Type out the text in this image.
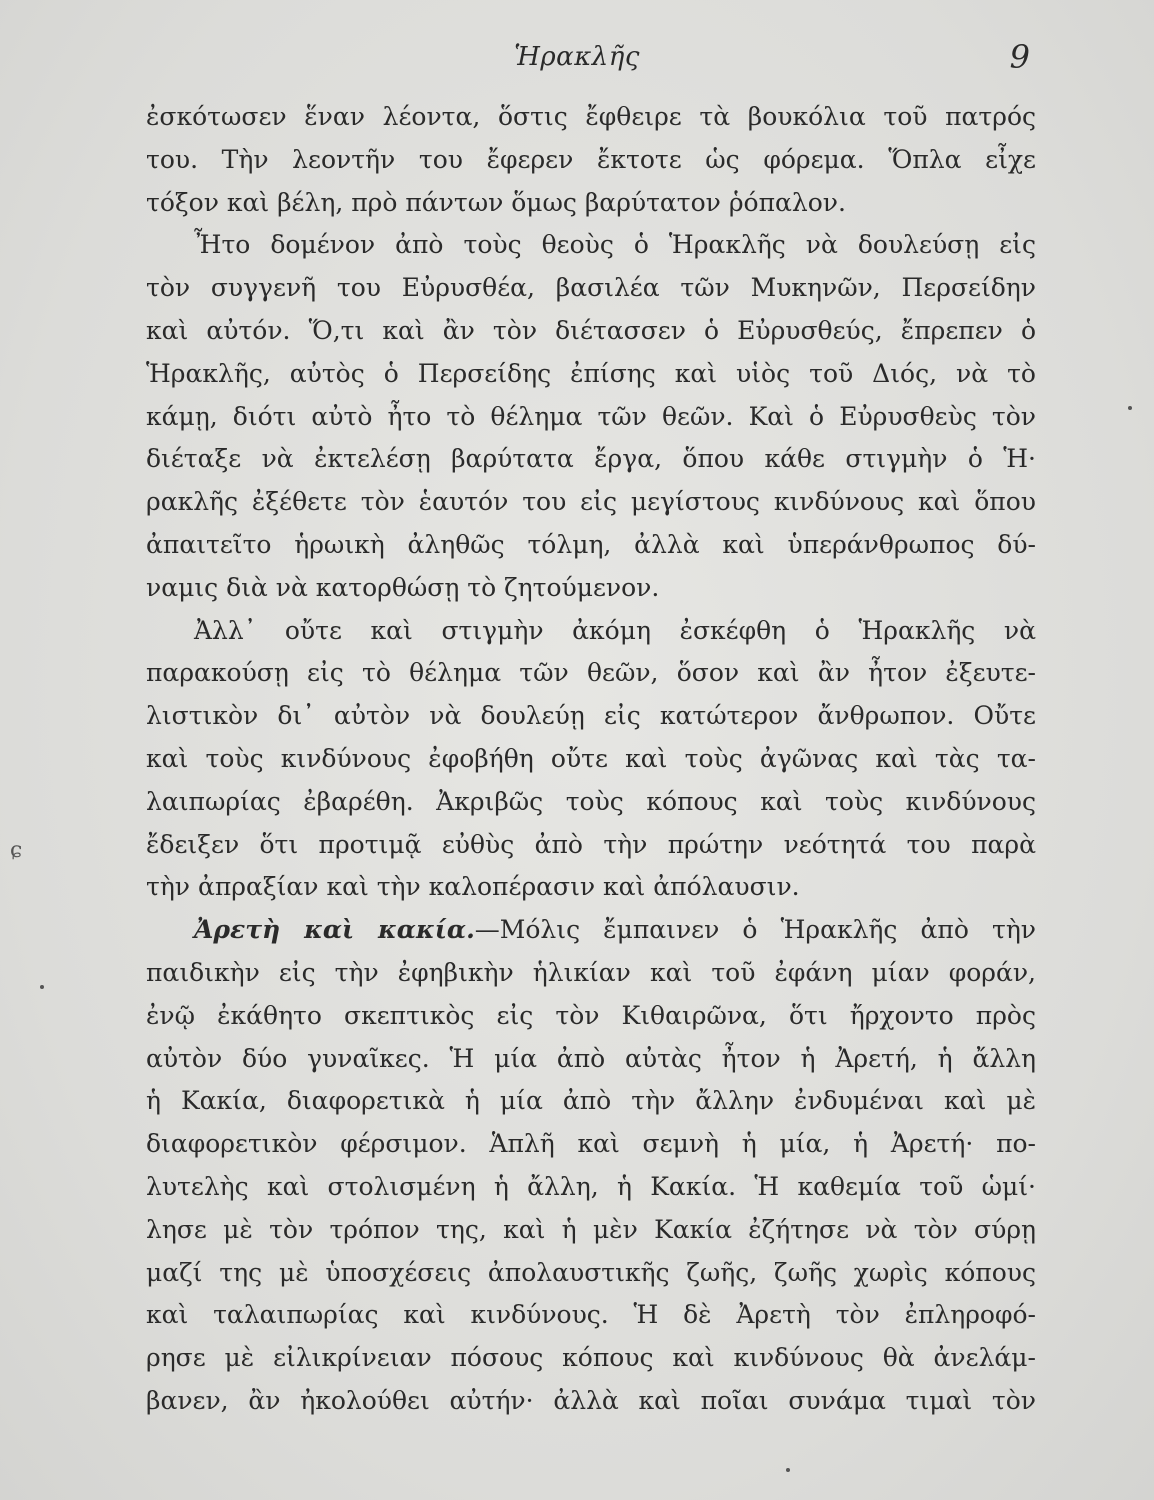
Ἡρακλῆς	9
ɕ
ἐσκότωσεν ἕναν λέοντα, ὅστις ἔφθειρε τὰ βουκόλια τοῦ πατρός
του. Τὴν λεοντῆν του ἔφερεν ἔκτοτε ὡς φόρεμα. Ὅπλα εἶχε
τόξον καὶ βέλη, πρὸ πάντων ὅμως βαρύτατον ῥόπαλον.
Ἦτο δομένον ἀπὸ τοὺς θεοὺς ὁ Ἡρακλῆς νὰ δουλεύσῃ εἰς
τὸν συγγενῆ του Εὐρυσθέα, βασιλέα τῶν Μυκηνῶν, Περσείδην
καὶ αὐτόν. Ὅ,τι καὶ ἂν τὸν διέτασσεν ὁ Εὐρυσθεύς, ἔπρεπεν ὁ
Ἡρακλῆς, αὐτὸς ὁ Περσείδης ἐπίσης καὶ υἱὸς τοῦ Διός, νὰ τὸ
κάμῃ, διότι αὐτὸ ἦτο τὸ θέλημα τῶν θεῶν. Καὶ ὁ Εὐρυσθεὺς τὸν
διέταξε νὰ ἐκτελέσῃ βαρύτατα ἔργα, ὅπου κάθε στιγμὴν ὁ Ἡ·
ρακλῆς ἐξέθετε τὸν ἑαυτόν του εἰς μεγίστους κινδύνους καὶ ὅπου
ἀπαιτεῖτο ἡρωικὴ ἀληθῶς τόλμη, ἀλλὰ καὶ ὑπεράνθρωπος δύ-
ναμις διὰ νὰ κατορθώσῃ τὸ ζητούμενον.
Ἀλλ᾽ οὔτε καὶ στιγμὴν ἀκόμη ἐσκέφθη ὁ Ἡρακλῆς νὰ
παρακούσῃ εἰς τὸ θέλημα τῶν θεῶν, ὅσον καὶ ἂν ἦτον ἐξευτε-
λιστικὸν δι᾽ αὐτὸν νὰ δουλεύῃ εἰς κατώτερον ἄνθρωπον. Οὔτε
καὶ τοὺς κινδύνους ἐφοβήθη οὔτε καὶ τοὺς ἀγῶνας καὶ τὰς τα-
λαιπωρίας ἐβαρέθη. Ἀκριβῶς τοὺς κόπους καὶ τοὺς κινδύνους
ἔδειξεν ὅτι προτιμᾷ εὐθὺς ἀπὸ τὴν πρώτην νεότητά του παρὰ
τὴν ἀπραξίαν καὶ τὴν καλοπέρασιν καὶ ἀπόλαυσιν.
Ἀρετὴ καὶ κακία.—Μόλις ἔμπαινεν ὁ Ἡρακλῆς ἀπὸ τὴν
παιδικὴν εἰς τὴν ἐφηβικὴν ἡλικίαν καὶ τοῦ ἐφάνη μίαν φοράν,
ἐνῷ ἐκάθητο σκεπτικὸς εἰς τὸν Κιθαιρῶνα, ὅτι ἤρχοντο πρὸς
αὐτὸν δύο γυναῖκες. Ἡ μία ἀπὸ αὐτὰς ἦτον ἡ Ἀρετή, ἡ ἄλλη
ἡ Κακία, διαφορετικὰ ἡ μία ἀπὸ τὴν ἄλλην ἐνδυμέναι καὶ μὲ
διαφορετικὸν φέρσιμον. Ἁπλῆ καὶ σεμνὴ ἡ μία, ἡ Ἀρετή· πο-
λυτελὴς καὶ στολισμένη ἡ ἄλλη, ἡ Κακία. Ἡ καθεμία τοῦ ὡμί·
λησε μὲ τὸν τρόπον της, καὶ ἡ μὲν Κακία ἐζήτησε νὰ τὸν σύρῃ
μαζί της μὲ ὑποσχέσεις ἀπολαυστικῆς ζωῆς, ζωῆς χωρὶς κόπους
καὶ ταλαιπωρίας καὶ κινδύνους. Ἡ δὲ Ἀρετὴ τὸν ἐπληροφό-
ρησε μὲ εἰλικρίνειαν πόσους κόπους καὶ κινδύνους θὰ ἀνελάμ-
βανεν, ἂν ἠκολούθει αὐτήν· ἀλλὰ καὶ ποῖαι συνάμα τιμαὶ τὸν
